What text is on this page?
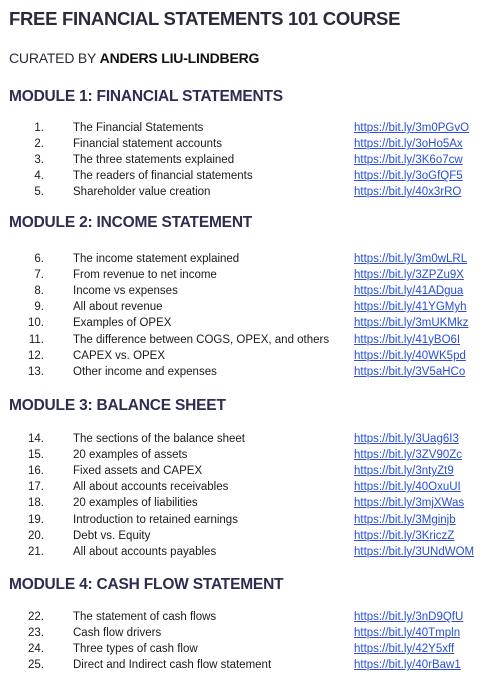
FREE FINANCIAL STATEMENTS 101 COURSE
CURATED BY ANDERS LIU-LINDBERG
MODULE 1: FINANCIAL STATEMENTS
1.	The Financial Statements	https://bit.ly/3m0PGvO
2.	Financial statement accounts	https://bit.ly/3oHo5Ax
3.	The three statements explained	https://bit.ly/3K6o7cw
4.	The readers of financial statements	https://bit.ly/3oGfQF5
5.	Shareholder value creation	https://bit.ly/40x3rRO
MODULE 2: INCOME STATEMENT
6.	The income statement explained	https://bit.ly/3m0wLRL
7.	From revenue to net income	https://bit.ly/3ZPZu9X
8.	Income vs expenses	https://bit.ly/41ADgua
9.	All about revenue	https://bit.ly/41YGMyh
10.	Examples of OPEX	https://bit.ly/3mUKMkz
11.	The difference between COGS, OPEX, and others https://bit.ly/41yBO6I
12.	CAPEX vs. OPEX	https://bit.ly/40WK5pd
13.	Other income and expenses	https://bit.ly/3V5aHCo
MODULE 3: BALANCE SHEET
14.	The sections of the balance sheet	https://bit.ly/3Uag6I3
15.	20 examples of assets	https://bit.ly/3ZV90Zc
16.	Fixed assets and CAPEX	https://bit.ly/3ntyZt9
17.	All about accounts receivables	https://bit.ly/40OxuUI
18.	20 examples of liabilities	https://bit.ly/3mjXWas
19.	Introduction to retained earnings	https://bit.ly/3Mginjb
20.	Debt vs. Equity	https://bit.ly/3KriczZ
21.	All about accounts payables	https://bit.ly/3UNdWOM
MODULE 4: CASH FLOW STATEMENT
22.	The statement of cash flows	https://bit.ly/3nD9QfU
23.	Cash flow drivers	https://bit.ly/40Tmpln
24.	Three types of cash flow	https://bit.ly/42Y5xff
25.	Direct and Indirect cash flow statement	https://bit.ly/40rBaw1
